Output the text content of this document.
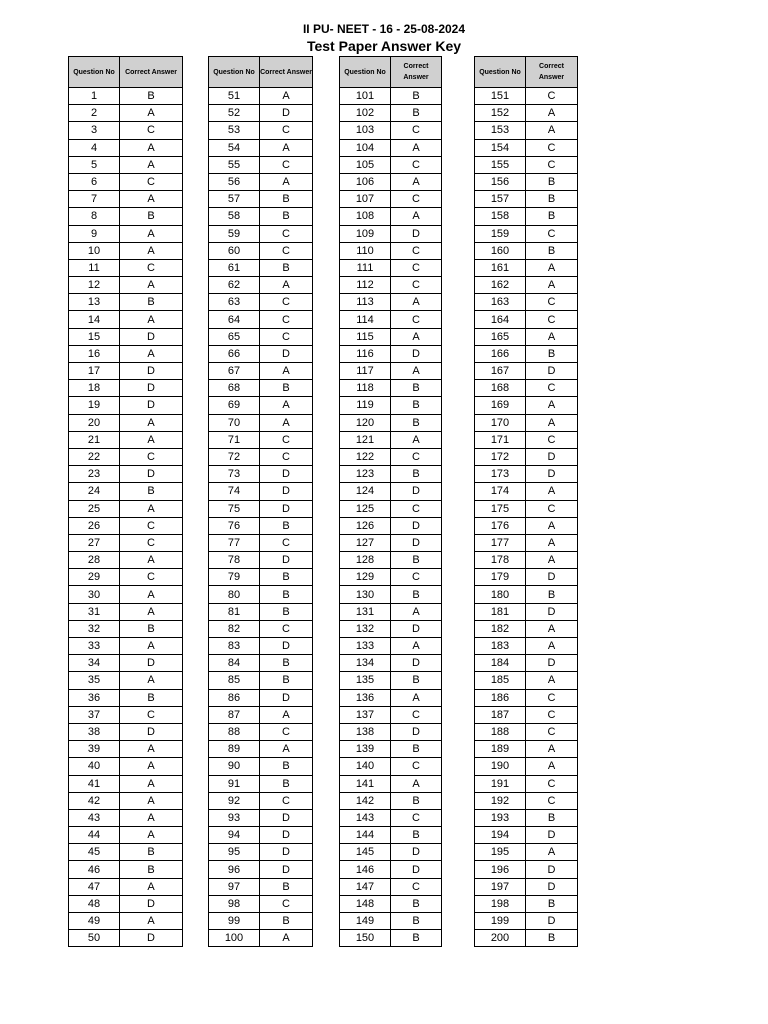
II PU- NEET - 16 - 25-08-2024
Test Paper Answer Key
Question No	Correct Answer
1	B
2	A
3	C
4	A
5	A
6	C
7	A
8	B
9	A
10	A
11	C
12	A
13	B
14	A
15	D
16	A
17	D
18	D
19	D
20	A
21	A
22	C
23	D
24	B
25	A
26	C
27	C
28	A
29	C
30	A
31	A
32	B
33	A
34	D
35	A
36	B
37	C
38	D
39	A
40	A
41	A
42	A
43	A
44	A
45	B
46	B
47	A
48	D
49	A
50	D
Question No	Correct Answer
51	A
52	D
53	C
54	A
55	C
56	A
57	B
58	B
59	C
60	C
61	B
62	A
63	C
64	C
65	C
66	D
67	A
68	B
69	A
70	A
71	C
72	C
73	D
74	D
75	D
76	B
77	C
78	D
79	B
80	B
81	B
82	C
83	D
84	B
85	B
86	D
87	A
88	C
89	A
90	B
91	B
92	C
93	D
94	D
95	D
96	D
97	B
98	C
99	B
100	A
Question No	Correct Answer
101	B
102	B
103	C
104	A
105	C
106	A
107	C
108	A
109	D
110	C
111	C
112	C
113	A
114	C
115	A
116	D
117	A
118	B
119	B
120	B
121	A
122	C
123	B
124	D
125	C
126	D
127	D
128	B
129	C
130	B
131	A
132	D
133	A
134	D
135	B
136	A
137	C
138	D
139	B
140	C
141	A
142	B
143	C
144	B
145	D
146	D
147	C
148	B
149	B
150	B
Question No	Correct Answer
151	C
152	A
153	A
154	C
155	C
156	B
157	B
158	B
159	C
160	B
161	A
162	A
163	C
164	C
165	A
166	B
167	D
168	C
169	A
170	A
171	C
172	D
173	D
174	A
175	C
176	A
177	A
178	A
179	D
180	B
181	D
182	A
183	A
184	D
185	A
186	C
187	C
188	C
189	A
190	A
191	C
192	C
193	B
194	D
195	A
196	D
197	D
198	B
199	D
200	B
